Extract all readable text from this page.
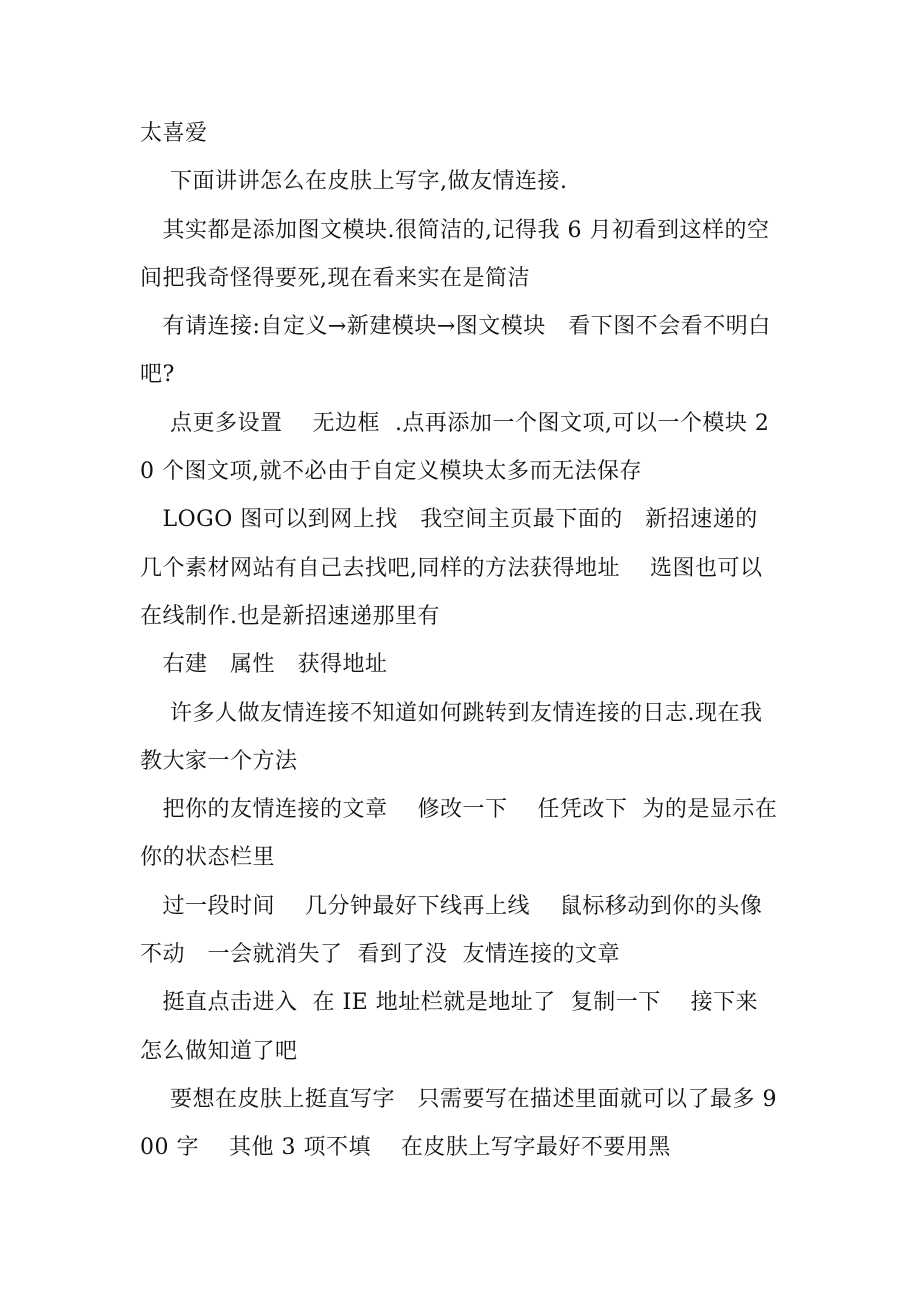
太喜爱

下面讲讲怎么在皮肤上写字,做友情连接.

其实都是添加图文模块.很简洁的,记得我 6 月初看到这样的空间把我奇怪得要死,现在看来实在是简洁

有请连接:自定义→新建模块→图文模块   看下图不会看不明白吧?

点更多设置    无边框  .点再添加一个图文项,可以一个模块 20 个图文项,就不必由于自定义模块太多而无法保存

LOGO 图可以到网上找   我空间主页最下面的   新招速递的几个素材网站有自己去找吧,同样的方法获得地址    选图也可以在线制作.也是新招速递那里有

右建   属性   获得地址

许多人做友情连接不知道如何跳转到友情连接的日志.现在我教大家一个方法

把你的友情连接的文章    修改一下    任凭改下  为的是显示在你的状态栏里

过一段时间    几分钟最好下线再上线    鼠标移动到你的头像不动   一会就消失了  看到了没  友情连接的文章

挺直点击进入  在 IE 地址栏就是地址了  复制一下    接下来怎么做知道了吧

要想在皮肤上挺直写字   只需要写在描述里面就可以了最多 900 字    其他 3 项不填    在皮肤上写字最好不要用黑
